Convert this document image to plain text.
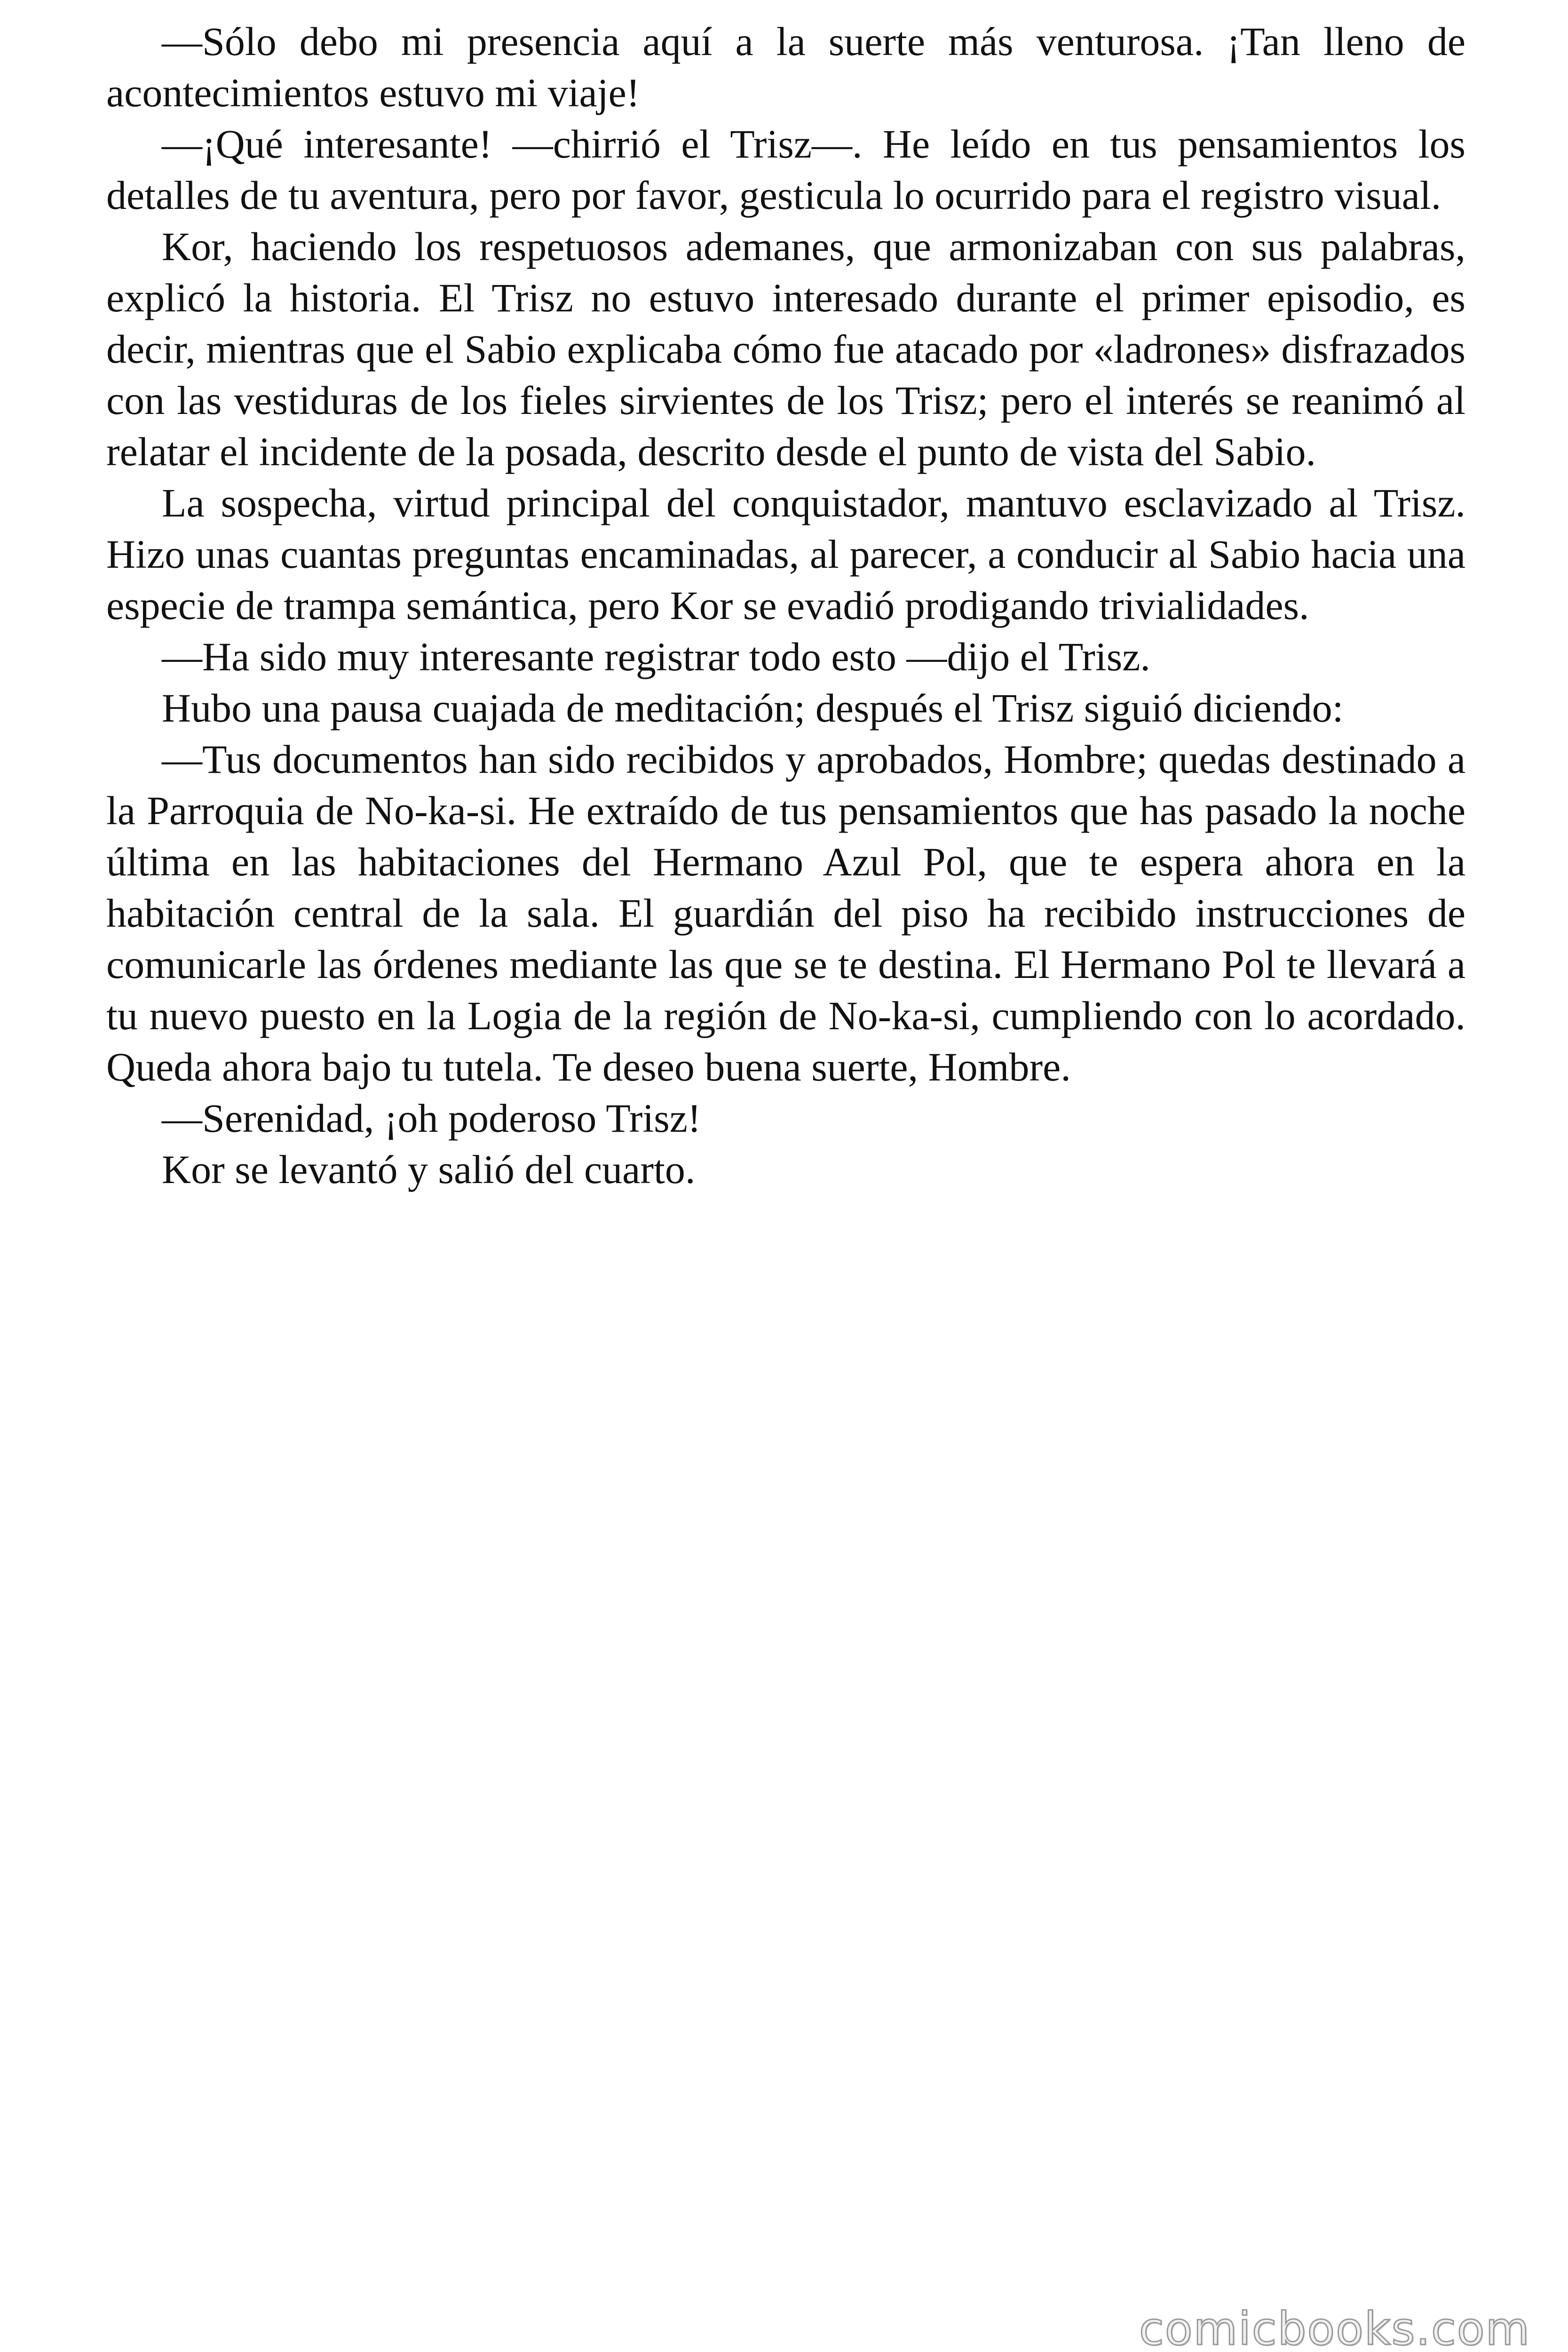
—Sólo debo mi presencia aquí a la suerte más venturosa. ¡Tan lleno de acontecimientos estuvo mi viaje!

—¡Qué interesante! —chirrió el Trisz—. He leído en tus pensamientos los detalles de tu aventura, pero por favor, gesticula lo ocurrido para el registro visual.

Kor, haciendo los respetuosos ademanes, que armonizaban con sus palabras, explicó la historia. El Trisz no estuvo interesado durante el primer episodio, es decir, mientras que el Sabio explicaba cómo fue atacado por «ladrones» disfrazados con las vestiduras de los fieles sirvientes de los Trisz; pero el interés se reanimó al relatar el incidente de la posada, descrito desde el punto de vista del Sabio.

La sospecha, virtud principal del conquistador, mantuvo esclavizado al Trisz. Hizo unas cuantas preguntas encaminadas, al parecer, a conducir al Sabio hacia una especie de trampa semántica, pero Kor se evadió prodigando trivialidades.

—Ha sido muy interesante registrar todo esto —dijo el Trisz.

Hubo una pausa cuajada de meditación; después el Trisz siguió diciendo:

—Tus documentos han sido recibidos y aprobados, Hombre; quedas destinado a la Parroquia de No-ka-si. He extraído de tus pensamientos que has pasado la noche última en las habitaciones del Hermano Azul Pol, que te espera ahora en la habitación central de la sala. El guardián del piso ha recibido instrucciones de comunicarle las órdenes mediante las que se te destina. El Hermano Pol te llevará a tu nuevo puesto en la Logia de la región de No-ka-si, cumpliendo con lo acordado. Queda ahora bajo tu tutela. Te deseo buena suerte, Hombre.

—Serenidad, ¡oh poderoso Trisz!

Kor se levantó y salió del cuarto.

comicbooks.com
